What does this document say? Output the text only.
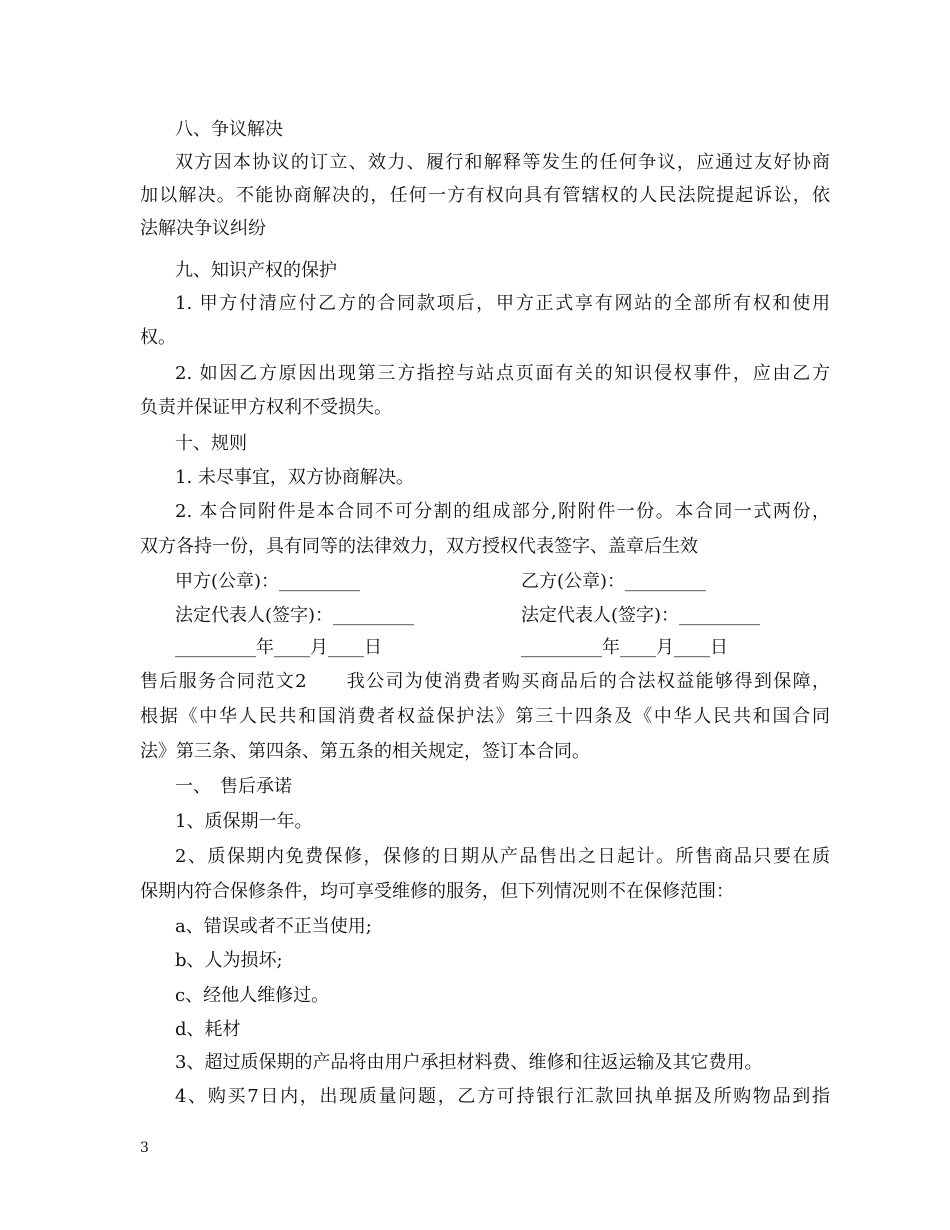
八、争议解决
双方因本协议的订立、效力、履行和解释等发生的任何争议，应通过友好协商
加以解决。不能协商解决的，任何一方有权向具有管辖权的人民法院提起诉讼，依
法解决争议纠纷
九、知识产权的保护
1. 甲方付清应付乙方的合同款项后，甲方正式享有网站的全部所有权和使用
权。
2. 如因乙方原因出现第三方指控与站点页面有关的知识侵权事件，应由乙方
负责并保证甲方权利不受损失。
十、规则
1. 未尽事宜，双方协商解决。
2. 本合同附件是本合同不可分割的组成部分,附附件一份。本合同一式两份，
双方各持一份，具有同等的法律效力，双方授权代表签字、盖章后生效
甲方(公章)：_________	乙方(公章)：_________
法定代表人(签字)：_________	法定代表人(签字)：_________
_________年____月____日	_________年____月____日
售后服务合同范文2　　我公司为使消费者购买商品后的合法权益能够得到保障，
根据《中华人民共和国消费者权益保护法》第三十四条及《中华人民共和国合同
法》第三条、第四条、第五条的相关规定，签订本合同。
一、　售后承诺
1、质保期一年。
2、质保期内免费保修，保修的日期从产品售出之日起计。所售商品只要在质
保期内符合保修条件，均可享受维修的服务，但下列情况则不在保修范围：
a、错误或者不正当使用;
b、人为损坏;
c、经他人维修过。
d、耗材
3、超过质保期的产品将由用户承担材料费、维修和往返运输及其它费用。
4、购买7日内，出现质量问题，乙方可持银行汇款回执单据及所购物品到指
3
